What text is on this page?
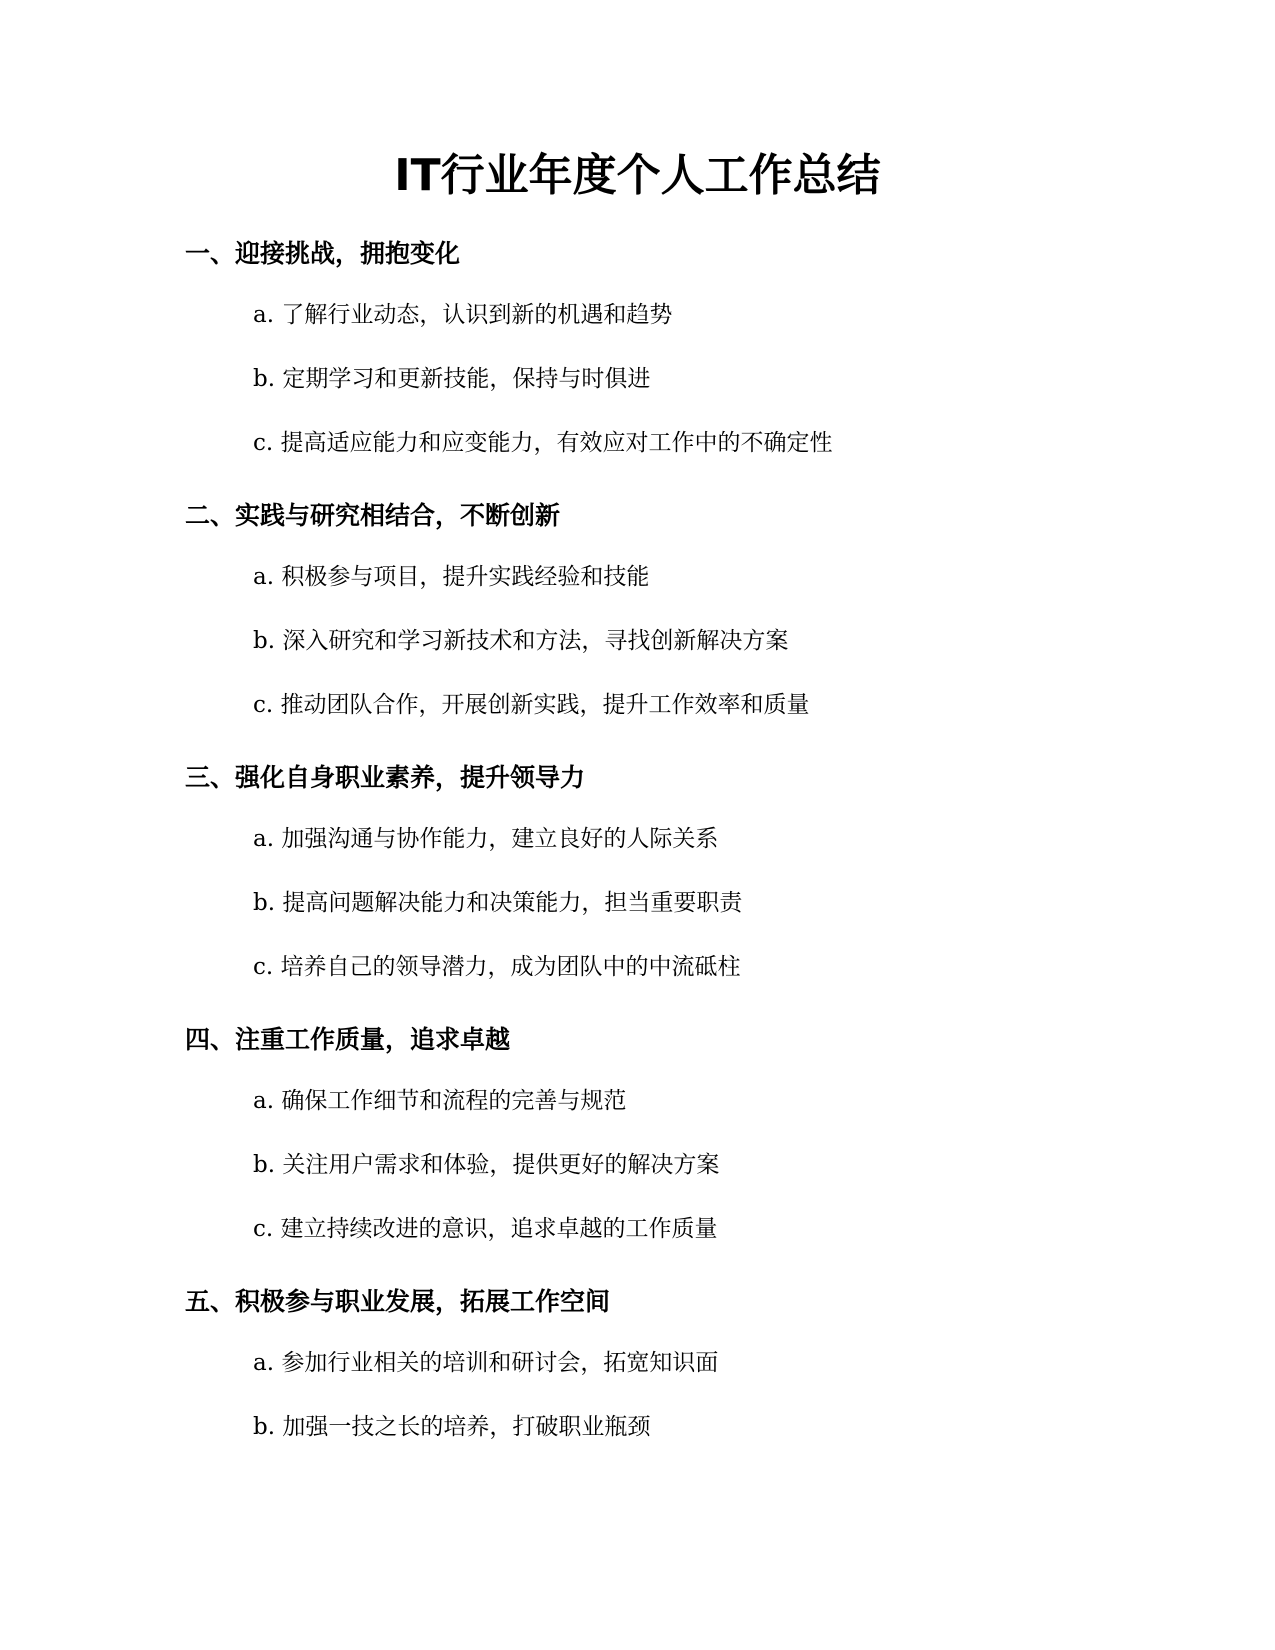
IT行业年度个人工作总结
一、迎接挑战，拥抱变化

a. 了解行业动态，认识到新的机遇和趋势

b. 定期学习和更新技能，保持与时俱进

c. 提高适应能力和应变能力，有效应对工作中的不确定性

二、实践与研究相结合，不断创新

a. 积极参与项目，提升实践经验和技能

b. 深入研究和学习新技术和方法，寻找创新解决方案

c. 推动团队合作，开展创新实践，提升工作效率和质量

三、强化自身职业素养，提升领导力

a. 加强沟通与协作能力，建立良好的人际关系

b. 提高问题解决能力和决策能力，担当重要职责

c. 培养自己的领导潜力，成为团队中的中流砥柱

四、注重工作质量，追求卓越

a. 确保工作细节和流程的完善与规范

b. 关注用户需求和体验，提供更好的解决方案

c. 建立持续改进的意识，追求卓越的工作质量

五、积极参与职业发展，拓展工作空间

a. 参加行业相关的培训和研讨会，拓宽知识面

b. 加强一技之长的培养，打破职业瓶颈
